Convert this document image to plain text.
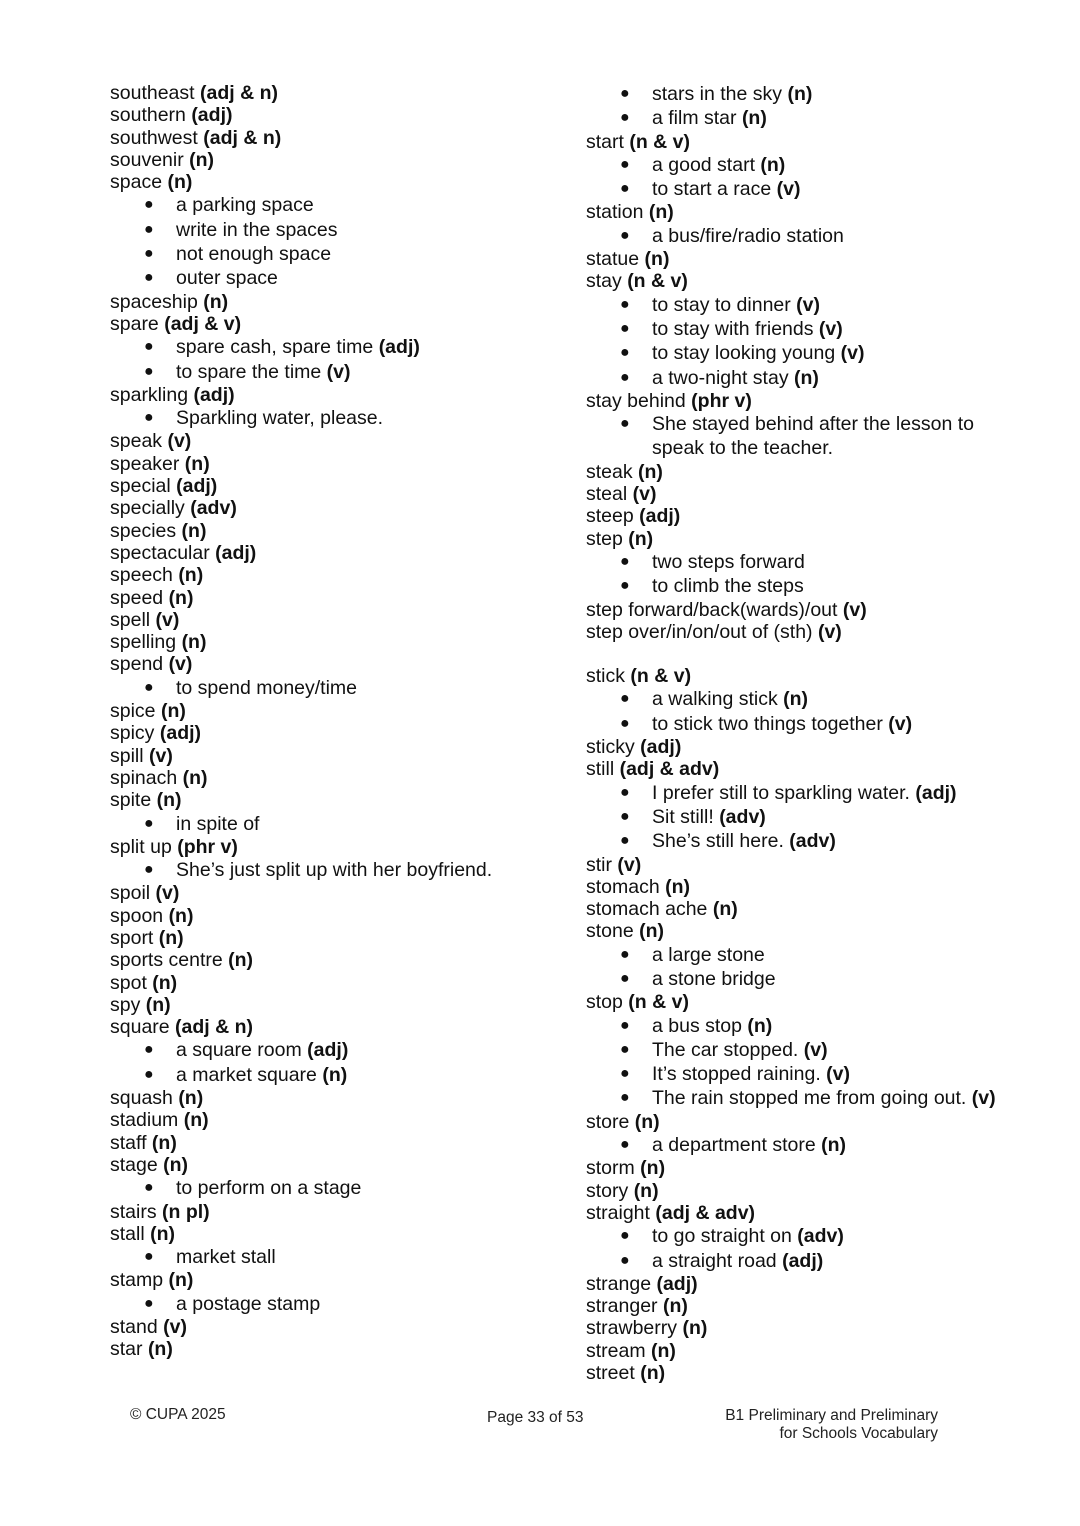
southeast (adj & n)
southern (adj)
southwest (adj & n)
souvenir (n)
space (n)
● a parking space
● write in the spaces
● not enough space
● outer space
spaceship (n)
spare (adj & v)
● spare cash, spare time (adj)
● to spare the time (v)
sparkling (adj)
● Sparkling water, please.
speak (v)
speaker (n)
special (adj)
specially (adv)
species (n)
spectacular (adj)
speech (n)
speed (n)
spell (v)
spelling (n)
spend (v)
● to spend money/time
spice (n)
spicy (adj)
spill (v)
spinach (n)
spite (n)
● in spite of
split up (phr v)
● She’s just split up with her boyfriend.
spoil (v)
spoon (n)
sport (n)
sports centre (n)
spot (n)
spy (n)
square (adj & n)
● a square room (adj)
● a market square (n)
squash (n)
stadium (n)
staff (n)
stage (n)
● to perform on a stage
stairs (n pl)
stall (n)
● market stall
stamp (n)
● a postage stamp
stand (v)
star (n)
● stars in the sky (n)
● a film star (n)
start (n & v)
● a good start (n)
● to start a race (v)
station (n)
● a bus/fire/radio station
statue (n)
stay (n & v)
● to stay to dinner (v)
● to stay with friends (v)
● to stay looking young (v)
● a two-night stay (n)
stay behind (phr v)
● She stayed behind after the lesson to speak to the teacher.
steak (n)
steal (v)
steep (adj)
step (n)
● two steps forward
● to climb the steps
step forward/back(wards)/out (v)
step over/in/on/out of (sth) (v)
stick (n & v)
● a walking stick (n)
● to stick two things together (v)
sticky (adj)
still (adj & adv)
● I prefer still to sparkling water. (adj)
● Sit still! (adv)
● She’s still here. (adv)
stir (v)
stomach (n)
stomach ache (n)
stone (n)
● a large stone
● a stone bridge
stop (n & v)
● a bus stop (n)
● The car stopped. (v)
● It’s stopped raining. (v)
● The rain stopped me from going out. (v)
store (n)
● a department store (n)
storm (n)
story (n)
straight (adj & adv)
● to go straight on (adv)
● a straight road (adj)
strange (adj)
stranger (n)
strawberry (n)
stream (n)
street (n)
© CUPA 2025	Page 33 of 53	B1 Preliminary and Preliminary
for Schools Vocabulary
